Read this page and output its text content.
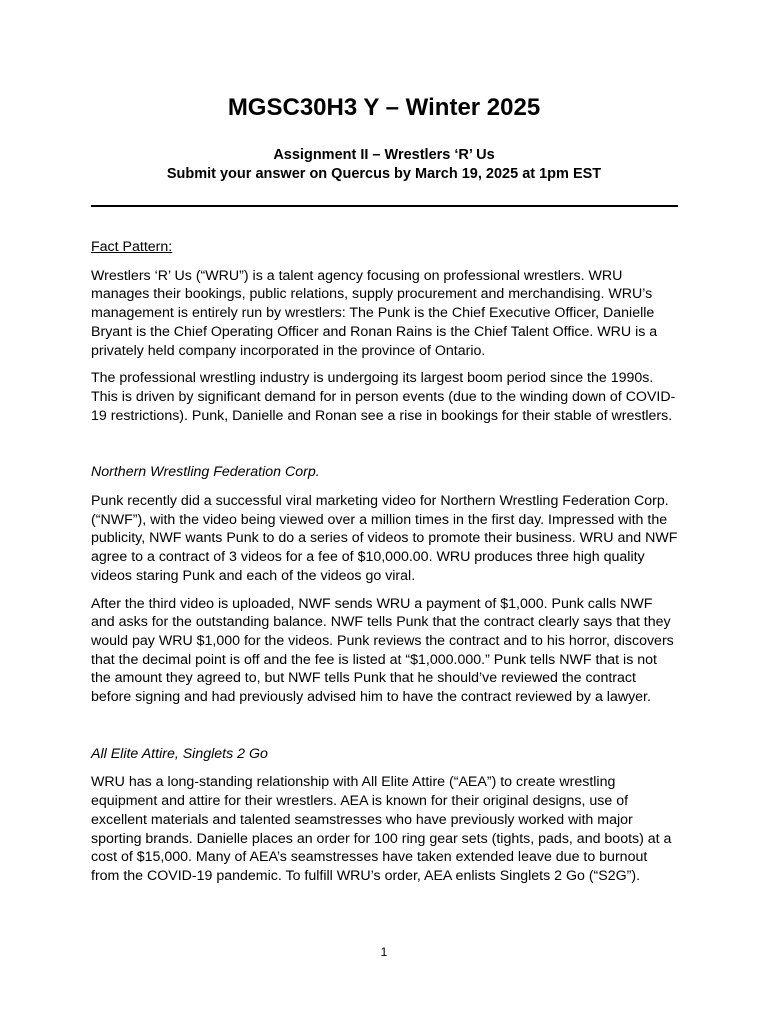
MGSC30H3 Y – Winter 2025
Assignment II – Wrestlers ‘R’ Us
Submit your answer on Quercus by March 19, 2025 at 1pm EST

Fact Pattern:

Wrestlers ‘R’ Us (“WRU”) is a talent agency focusing on professional wrestlers. WRU manages their bookings, public relations, supply procurement and merchandising. WRU’s management is entirely run by wrestlers: The Punk is the Chief Executive Officer, Danielle Bryant is the Chief Operating Officer and Ronan Rains is the Chief Talent Office. WRU is a privately held company incorporated in the province of Ontario.

The professional wrestling industry is undergoing its largest boom period since the 1990s. This is driven by significant demand for in person events (due to the winding down of COVID-19 restrictions). Punk, Danielle and Ronan see a rise in bookings for their stable of wrestlers.

Northern Wrestling Federation Corp.

Punk recently did a successful viral marketing video for Northern Wrestling Federation Corp. (“NWF”), with the video being viewed over a million times in the first day. Impressed with the publicity, NWF wants Punk to do a series of videos to promote their business. WRU and NWF agree to a contract of 3 videos for a fee of $10,000.00. WRU produces three high quality videos staring Punk and each of the videos go viral.

After the third video is uploaded, NWF sends WRU a payment of $1,000. Punk calls NWF and asks for the outstanding balance. NWF tells Punk that the contract clearly says that they would pay WRU $1,000 for the videos. Punk reviews the contract and to his horror, discovers that the decimal point is off and the fee is listed at “$1,000.000.” Punk tells NWF that is not the amount they agreed to, but NWF tells Punk that he should’ve reviewed the contract before signing and had previously advised him to have the contract reviewed by a lawyer.

All Elite Attire, Singlets 2 Go

WRU has a long-standing relationship with All Elite Attire (“AEA”) to create wrestling equipment and attire for their wrestlers. AEA is known for their original designs, use of excellent materials and talented seamstresses who have previously worked with major sporting brands. Danielle places an order for 100 ring gear sets (tights, pads, and boots) at a cost of $15,000. Many of AEA’s seamstresses have taken extended leave due to burnout from the COVID-19 pandemic. To fulfill WRU’s order, AEA enlists Singlets 2 Go (“S2G”).

1
